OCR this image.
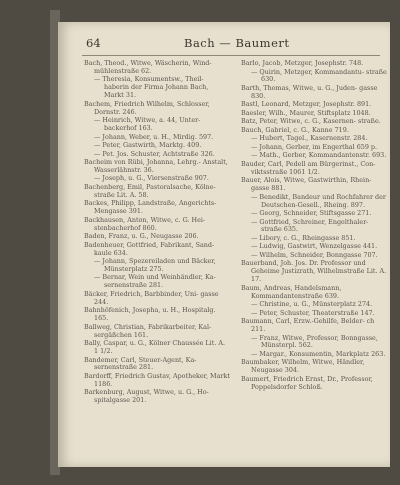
64	Bach — Baumert
Bach, Theod., Witwe, Wäscherin, Wind- mühlenstraße 62.
— Theresia, Konsumentsw., Theil- haberin der Firma Johann Bach, Markt 31.
Bachem, Friedrich Wilhelm, Schlosser, Dornstr. 246.
— Heinrich, Witwe, a. 44, Unter- backerhof 163.
— Johann, Weber, u. H., Mirdig. 597.
— Peter, Gastwirth, Marktg. 409.
— Pet. Jos. Schuster, Achtstraße 326.
Bacheim von Rübi, Johanna, Lehrg.- Anstalt, Wasserlähnstr. 36.
— Joseph, u. G., Viersenstraße 907.
Bachenberg, Emil, Pastoralsache, Kölne- straße Lit. A. 58.
Backes, Philipp, Landstraße, Angerichts- Mengasse 391.
Backhausen, Anton, Witwe, c. G. Hei- stenbacherhof 860.
Baden, Franz, u. G., Neugasse 206.
Badenheuer, Gottfried, Fabrikant, Sand- kaule 634.
— Johann, Spezereiladen und Bäcker, Münsterplatz 275.
— Bernar, Wein und Weinhändler, Ka- sernenstraße 281.
Bäcker, Friedrich, Barbbinder, Uni- gasse 244.
Bahnhöfenich, Josepha, u. H., Hospitalg. 165.
Ballweg, Christian, Fabrikarbeiter, Kal- sergäßchen 161.
Bally, Caspar, u. G., Kölner Chaussée Lit. A. 1 1/2.
Bandemer, Carl, Steuer-Agent, Ka- sernenstraße 281.
Bardorff, Friedrich Gustav, Apotheker, Markt 1186.
Barkenburg, August, Witwe, u. G., Ho- spitalgasse 201.
Barlo, Jacob, Metzger, Josephstr. 748.
— Quirin, Metzger, Kommandantu- straße 630.
Barth, Thomas, Witwe, u. G., Juden- gasse 830.
Bastl, Leonard, Metzger, Josephstr. 891.
Baesler, Wilh., Maurer, Stiftsplatz 1048.
Batz, Peter, Witwe, c. G., Kasernen- straße.
Bauch, Gabriel, c. G., Kanne 719.
— Hubert, Tagel., Kasernenstr. 284.
— Johann, Gerber, im Engerthal 659 p.
— Math., Gerber, Kommandantenstr. 693.
Bauder, Carl, Pedell am Bürgerinst., Con- viktsstraße 1061 1/2.
Bauer, Alois, Witwe, Gastwirthin, Rhein- gasse 881.
— Benedikt, Bandeur und Rochfahrer der Deutschen-Gesell., Rheing. 897.
— Georg, Schneider, Stiftsgasse 271.
— Gottfried, Schreiner, Engelthaler- straße 635.
— Libory, c. G., Rheingasse 851.
— Ludwig, Gastwirt, Wenzelgasse 441.
— Wilhelm, Schneider, Bonngasse 707.
Bauerband, Joh. Jos. Dr. Professor und Geheime Justizrath, Wilhelmstraße Lit. A. 17.
Baum, Andreas, Handelsmann, Kommandantenstraße 639.
— Christine, u. G., Münsterplatz 274.
— Peter, Schuster, Theaterstraße 147.
Baumann, Carl, Erzw.-Gehilfe, Belder- ch 211.
— Franz, Witwe, Professor, Bonngasse, Münsterpl. 562.
— Margar., Konsumentin, Markplatz 263.
Baumbaker, Wilhelm, Witwe, Händler, Neugasse 304.
Baumert, Friedrich Ernst, Dr., Professor, Poppelsdorfer Schloß.
